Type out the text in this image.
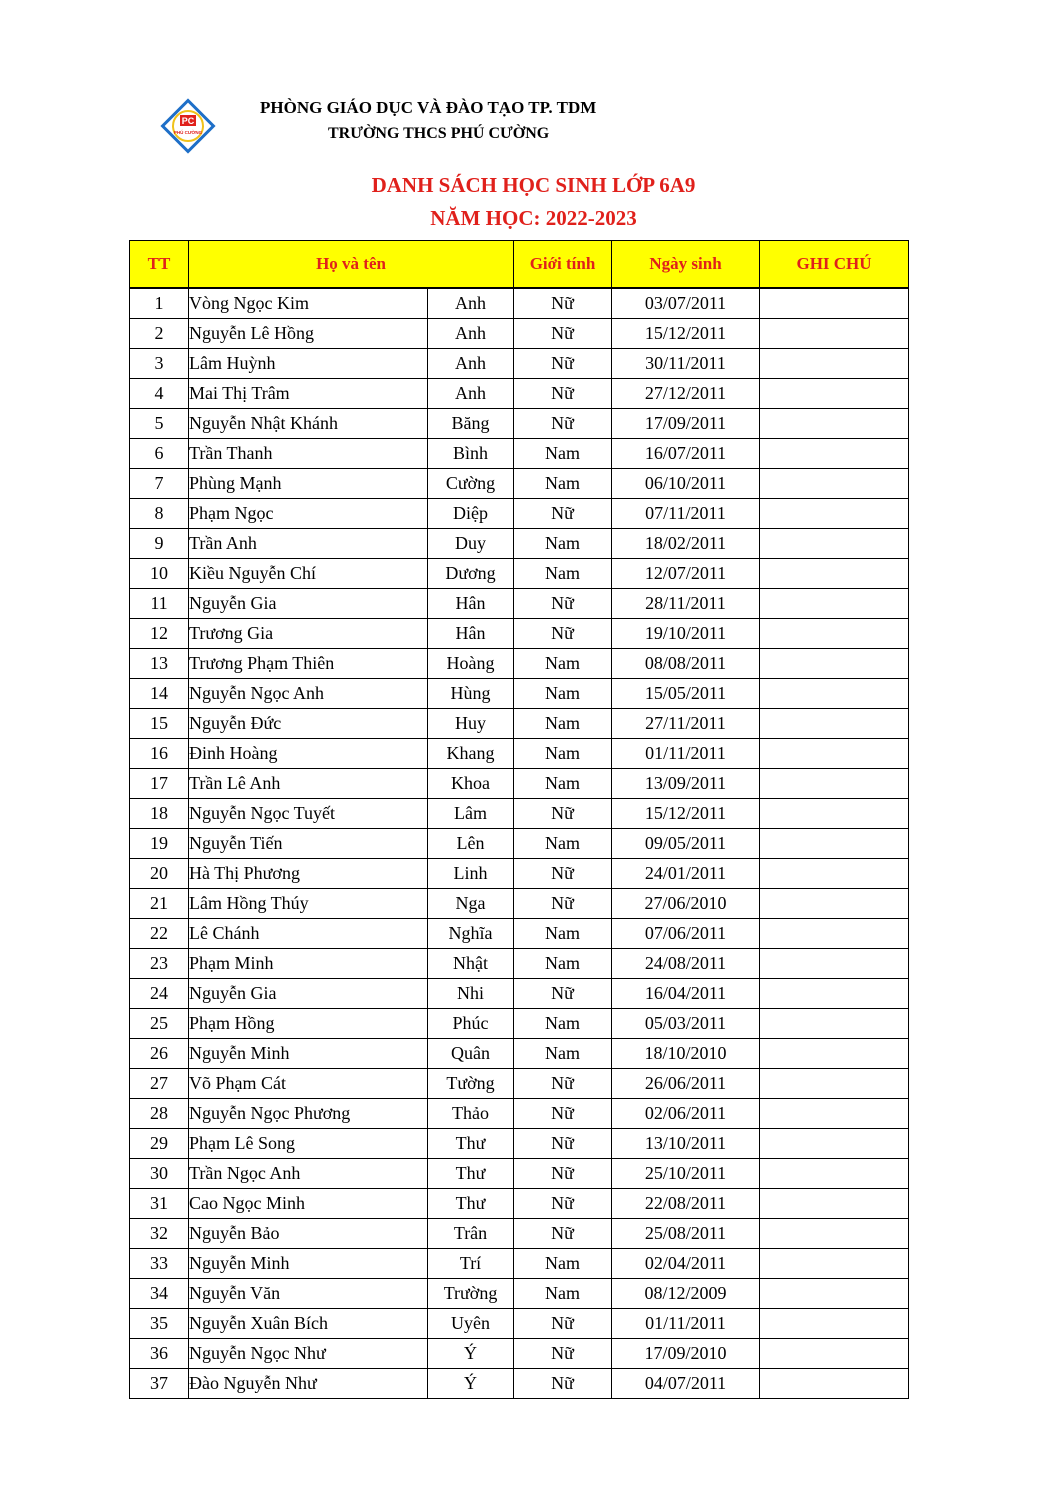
PC
PHÚ CƯỜNG
PHÒNG GIÁO DỤC VÀ ĐÀO TẠO TP. TDM
TRƯỜNG THCS PHÚ CƯỜNG
DANH SÁCH HỌC SINH LỚP 6A9
NĂM HỌC: 2022-2023
TT	Họ và tên		Giới tính	Ngày sinh	GHI CHÚ
1	Vòng Ngọc Kim	Anh	Nữ	03/07/2011	
2	Nguyễn Lê Hồng	Anh	Nữ	15/12/2011	
3	Lâm Huỳnh	Anh	Nữ	30/11/2011	
4	Mai Thị Trâm	Anh	Nữ	27/12/2011	
5	Nguyễn Nhật Khánh	Băng	Nữ	17/09/2011	
6	Trần Thanh	Bình	Nam	16/07/2011	
7	Phùng Mạnh	Cường	Nam	06/10/2011	
8	Phạm Ngọc	Diệp	Nữ	07/11/2011	
9	Trần Anh	Duy	Nam	18/02/2011	
10	Kiều Nguyễn Chí	Dương	Nam	12/07/2011	
11	Nguyễn Gia	Hân	Nữ	28/11/2011	
12	Trương Gia	Hân	Nữ	19/10/2011	
13	Trương Phạm Thiên	Hoàng	Nam	08/08/2011	
14	Nguyễn Ngọc Anh	Hùng	Nam	15/05/2011	
15	Nguyễn Đức	Huy	Nam	27/11/2011	
16	Đinh Hoàng	Khang	Nam	01/11/2011	
17	Trần Lê Anh	Khoa	Nam	13/09/2011	
18	Nguyễn Ngọc Tuyết	Lâm	Nữ	15/12/2011	
19	Nguyễn Tiến	Lên	Nam	09/05/2011	
20	Hà Thị Phương	Linh	Nữ	24/01/2011	
21	Lâm Hồng Thúy	Nga	Nữ	27/06/2010	
22	Lê Chánh	Nghĩa	Nam	07/06/2011	
23	Phạm Minh	Nhật	Nam	24/08/2011	
24	Nguyễn Gia	Nhi	Nữ	16/04/2011	
25	Phạm Hồng	Phúc	Nam	05/03/2011	
26	Nguyễn Minh	Quân	Nam	18/10/2010	
27	Võ Phạm Cát	Tường	Nữ	26/06/2011	
28	Nguyễn Ngọc Phương	Thảo	Nữ	02/06/2011	
29	Phạm Lê Song	Thư	Nữ	13/10/2011	
30	Trần Ngọc Anh	Thư	Nữ	25/10/2011	
31	Cao Ngọc Minh	Thư	Nữ	22/08/2011	
32	Nguyễn Bảo	Trân	Nữ	25/08/2011	
33	Nguyễn Minh	Trí	Nam	02/04/2011	
34	Nguyễn Văn	Trường	Nam	08/12/2009	
35	Nguyễn Xuân Bích	Uyên	Nữ	01/11/2011	
36	Nguyễn Ngọc Như	Ý	Nữ	17/09/2010	
37	Đào Nguyễn Như	Ý	Nữ	04/07/2011	
